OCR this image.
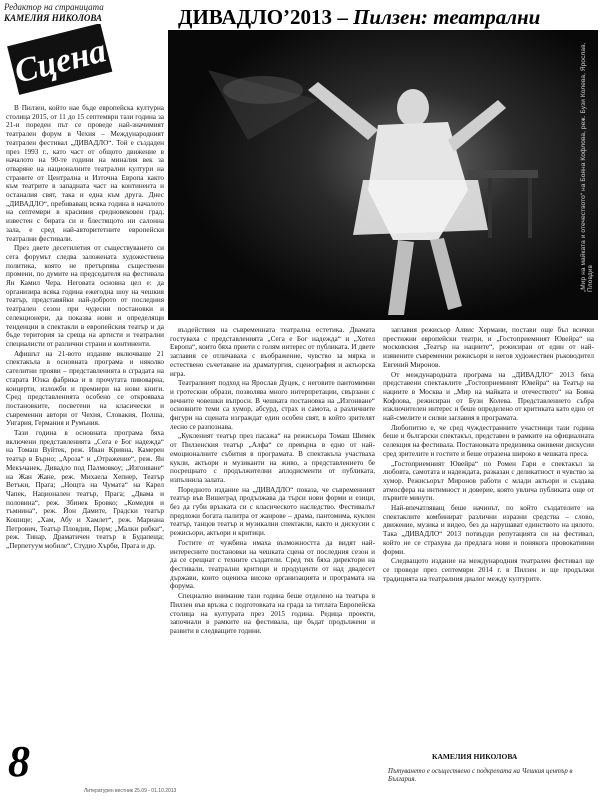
Редактор на страницата
КАМЕЛИЯ НИКОЛОВА	ДИВАДЛО’2013 – Пилзен: театрални
Сцена	„Мир на майката и отечеството“ на Бояна Кофлова, реж. Бузи Колева, Ярослав, Пловдив

В Пилзен, който нае бъде европейска културна столица 2015, от 11 до 15 септември тази година за 21-и пореден път се проведе най-значимият театрален форум в Чехия – Международният театрален фестивал „ДИВАДЛО“. Той е създаден през 1993 г., като част от общото движение в началото на 90-те години на миналия век за отваряне на националните театрални култури на страните от Централна и Източна Европа както към театрите в западната част на континента и останалия свят, така и една към друга. Днес „ДИВАДЛО“, пребиваващ всяка година в началото на септември в красивия средновековен град, известен с бирата си и блестящото ни салонна зала, е сред най-авторитетните европейски театрални фестивали.

През двете десетилетия от съществуването си сега форумът следва заложената художествена политика, която не претърпява съществени промени, по думите на председателя на фестивала Ян Камил Чера. Неговата основна цел е: да организира всяка година ежегодна шоу на чешкия театър, представяйки най-доброто от последния театрален сезон при чудесни постановки и селекционери, да показва нови и определящи тенденции в спектакли в европейския театър и да бъде територия за среща на артисти и театрални специалисти от различни страни и континенти.

Афишът на 21-вото издание включваше 21 спектакъла в основната програма и няколко сателитни прояви – представленията в сградата на старата Юзка фабрика и в прочутата пивоварна, концерти, изложби и премиери на нови книги. Сред представленията особено се открояваха постановките, посветени на класически и съвременни автори от Чехия, Словакия, Полша, Унгария, Германия и Румъния.

Тази година в основната програма бяха включени представленията „Сега е Бог надежда“ на Томаш Вуйтек, реж. Иван Кривна, Камерен театър в Бърно; „Ароза“ и „Отражение“, реж. Ян Мекъчанек, Дивадло под Палмовкоу; „Изгонване“ на Жан Жане, реж. Михаела Хепнер, Театър Ветъки, Прага; „Нощта на Чумата“ на Карел Чапек, Национален театър, Прага; „Двама и половина“, реж. Збинек Бровко; „Комедия и тъмнина“, реж. Йон Дамите, Градски театър Кошице; „Хам, Абу и Хамлет“, реж. Мариана Петрович, Театър Пловдив, Перм; „Малки рибки“, реж. Тинар, Драматичен театър в Будапеща; „Перпетуум мобиле“, Студио Хърби, Прага и др.

въздействия на съвременната театрална естетика. Двамата гостуваха с представленията „Сега е Бог надежда“ и „Хотел Европа“, които бяха приети с голям интерес от публиката. И двете заглавия се отличаваха с въображение, чувство за мярка и естествено съчетаване на драматургия, сценография и актьорска игра.

Театралният подход на Ярослав Дуцек, с неговите пантомимни и гротескни образи, позволява много интерпретации, свързани с вечните човешки въпроси. В чешката постановка на „Изгонване“ основните теми са хумор, абсурд, страх и самота, а различните фигури на сцената изграждат един особен свят, в който зрителят лесно се разпознава.

„Кукленият театър през пасажа“ на режисьора Томаш Шимек от Пилзенския театър „Алфа“ се превърна в едно от най-емоционалните събития в програмата. В спектакъла участваха кукли, актьори и музиканти на живо, а представлението бе посрещнато с продължителни аплодисменти от публиката, изпълнила залата.

Поредното издание на „ДИВАДЛО“ показа, че съвременният театър във Вишеград продължава да търси нови форми и езици, без да губи връзката си с класическото наследство. Фестивалът предложи богата палитра от жанрове – драма, пантомима, куклен театър, танцов театър и музикални спектакли, както и дискусии с режисьори, актьори и критици.

Гостите от чужбина имаха възможността да видят най-интересните постановки на чешката сцена от последния сезон и да се срещнат с техните създатели. Сред тях бяха директори на фестивали, театрални критици и продуценти от над двадесет държави, които оцениха високо организацията и програмата на форума.

Специално внимание тази година беше отделено на театъра в Пилзен във връзка с подготовката на града за титлата Европейска столица на културата през 2015 година. Редица проекти, започнали в рамките на фестивала, ще бъдат продължени и развити в следващите години.

заглавия режисьор Алвис Хермани, постави още бъл всички престижни европейски театри, и „Гостоприемният Ювейра“ на московския „Театър на нациите“, режисиран от един от най-изявените съвременни режисьори и негов художествен ръководител Евгений Миронов.

От международната програма на „ДИВАДЛО“ 2013 бяха представени спектаклите „Гостоприемният Ювейра“ на Театър на нациите в Москва и „Мир на майката и отечеството“ на Бояна Кофлова, режисиран от Бузи Колева. Представлението събра изключителен интерес и беше определено от критиката като едно от най-смелите и силни заглавия в програмата.

Любопитно е, че сред чуждестранните участници тази година беше и български спектакъл, представен в рамките на официалната селекция на фестивала. Постановката предизвика оживени дискусии сред зрителите и гостите и беше отразена широко в чешката преса.

„Гостоприемният Ювейра“ по Ромен Гари е спектакъл за любовта, самотата и надеждата, разказан с деликатност и чувство за хумор. Режисьорът Миронов работи с млади актьори и създава атмосфера на интимност и доверие, която увлича публиката още от първите минути.

Най-впечатляващ беше начинът, по който създателите на спектаклите комбинират различни изразни средства – слово, движение, музика и видео, без да нарушават единството на цялото. Така „ДИВАДЛО“ 2013 потвърди репутацията си на фестивал, който не се страхува да предлага нови и понякога провокативни форми.

Следващото издание на международния театрален фестивал ще се проведе през септември 2014 г. в Пилзен и ще продължи традицията на театралния диалог между културите.

КАМЕЛИЯ НИКОЛОВА
Пътуването е осъществено с подкрепата на Чешкия център в България.
8
Литературен вестник 25.09 - 01.10.2013
